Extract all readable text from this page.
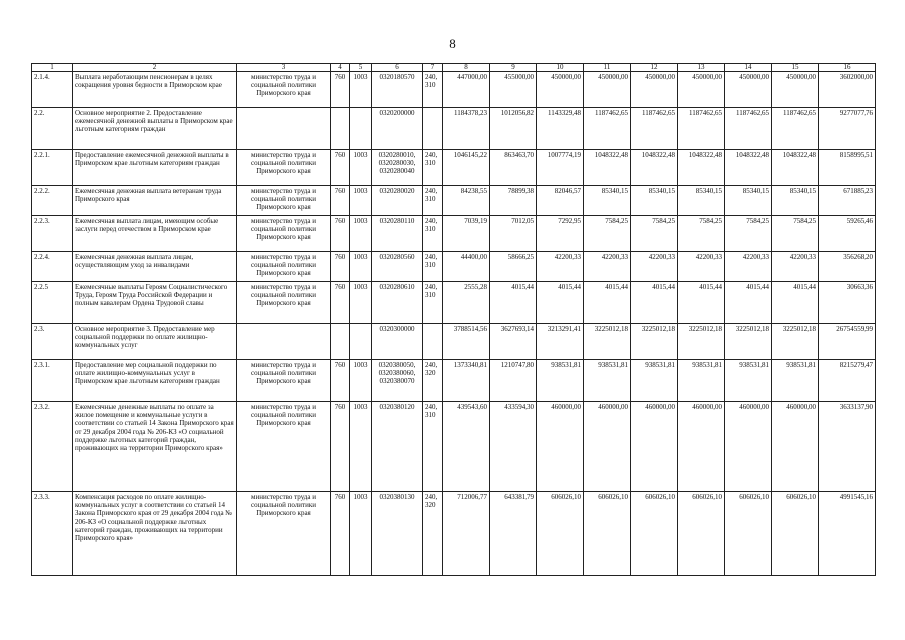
8
1	2	3	4	5	6	7	8	9	10	11	12	13	14	15	16
2.1.4.	Выплата неработающим пенсионерам в целях сокращения уровня бедности в Приморском крае	министерство труда и социальной политики Приморского края	760	1003	0320180570	240, 310	447000,00	455000,00	450000,00	450000,00	450000,00	450000,00	450000,00	450000,00	3602000,00
2.2.	Основное мероприятие 2. Предоставление ежемесячной денежной выплаты в Приморском крае льготным категориям граждан				0320200000		1184378,23	1012056,82	1143329,48	1187462,65	1187462,65	1187462,65	1187462,65	1187462,65	9277077,76
2.2.1.	Предоставление ежемесячной денежной выплаты в Приморском крае льготным категориям граждан	министерство труда и социальной политики Приморского края	760	1003	0320280010, 0320280030, 0320280040	240, 310	1046145,22	863463,70	1007774,19	1048322,48	1048322,48	1048322,48	1048322,48	1048322,48	8158995,51
2.2.2.	Ежемесячная денежная выплата ветеранам труда Приморского края	министерство труда и социальной политики Приморского края	760	1003	0320280020	240, 310	84238,55	78899,38	82046,57	85340,15	85340,15	85340,15	85340,15	85340,15	671885,23
2.2.3.	Ежемесячная выплата лицам, имеющим особые заслуги перед отечеством в Приморском крае	министерство труда и социальной политики Приморского края	760	1003	0320280110	240, 310	7039,19	7012,05	7292,95	7584,25	7584,25	7584,25	7584,25	7584,25	59265,46
2.2.4.	Ежемесячная денежная выплата лицам, осуществляющим уход за инвалидами	министерство труда и социальной политики Приморского края	760	1003	0320280560	240, 310	44400,00	58666,25	42200,33	42200,33	42200,33	42200,33	42200,33	42200,33	356268,20
2.2.5	Ежемесячные выплаты Героям Социалистического Труда, Героям Труда Российской Федерации и полным кавалерам Ордена Трудовой славы	министерство труда и социальной политики Приморского края	760	1003	0320280610	240, 310	2555,28	4015,44	4015,44	4015,44	4015,44	4015,44	4015,44	4015,44	30663,36
2.3.	Основное мероприятие 3. Предоставление мер социальной поддержки по оплате жилищно-коммунальных услуг				0320300000		3788514,56	3627693,14	3213291,41	3225012,18	3225012,18	3225012,18	3225012,18	3225012,18	26754559,99
2.3.1.	Предоставление мер социальной поддержки по оплате жилищно-коммунальных услуг в Приморском крае льготным категориям граждан	министерство труда и социальной политики Приморского края	760	1003	0320380050, 0320380060, 0320380070	240, 320	1373340,81	1210747,80	938531,81	938531,81	938531,81	938531,81	938531,81	938531,81	8215279,47
2.3.2.	Ежемесячные денежные выплаты по оплате за жилое помещение и коммунальные услуги в соответствии со статьей 14 Закона Приморского края от 29 декабря 2004 года № 206-КЗ «О социальной поддержке льготных категорий граждан, проживающих на территории Приморского края»	министерство труда и социальной политики Приморского края	760	1003	0320380120	240, 310	439543,60	433594,30	460000,00	460000,00	460000,00	460000,00	460000,00	460000,00	3633137,90
2.3.3.	Компенсация расходов по оплате жилищно-коммунальных услуг в соответствии со статьей 14 Закона Приморского края от 29 декабря 2004 года № 206-КЗ «О социальной поддержке льготных категорий граждан, проживающих на территории Приморского края»	министерство труда и социальной политики Приморского края	760	1003	0320380130	240, 320	712006,77	643381,79	606026,10	606026,10	606026,10	606026,10	606026,10	606026,10	4991545,16
